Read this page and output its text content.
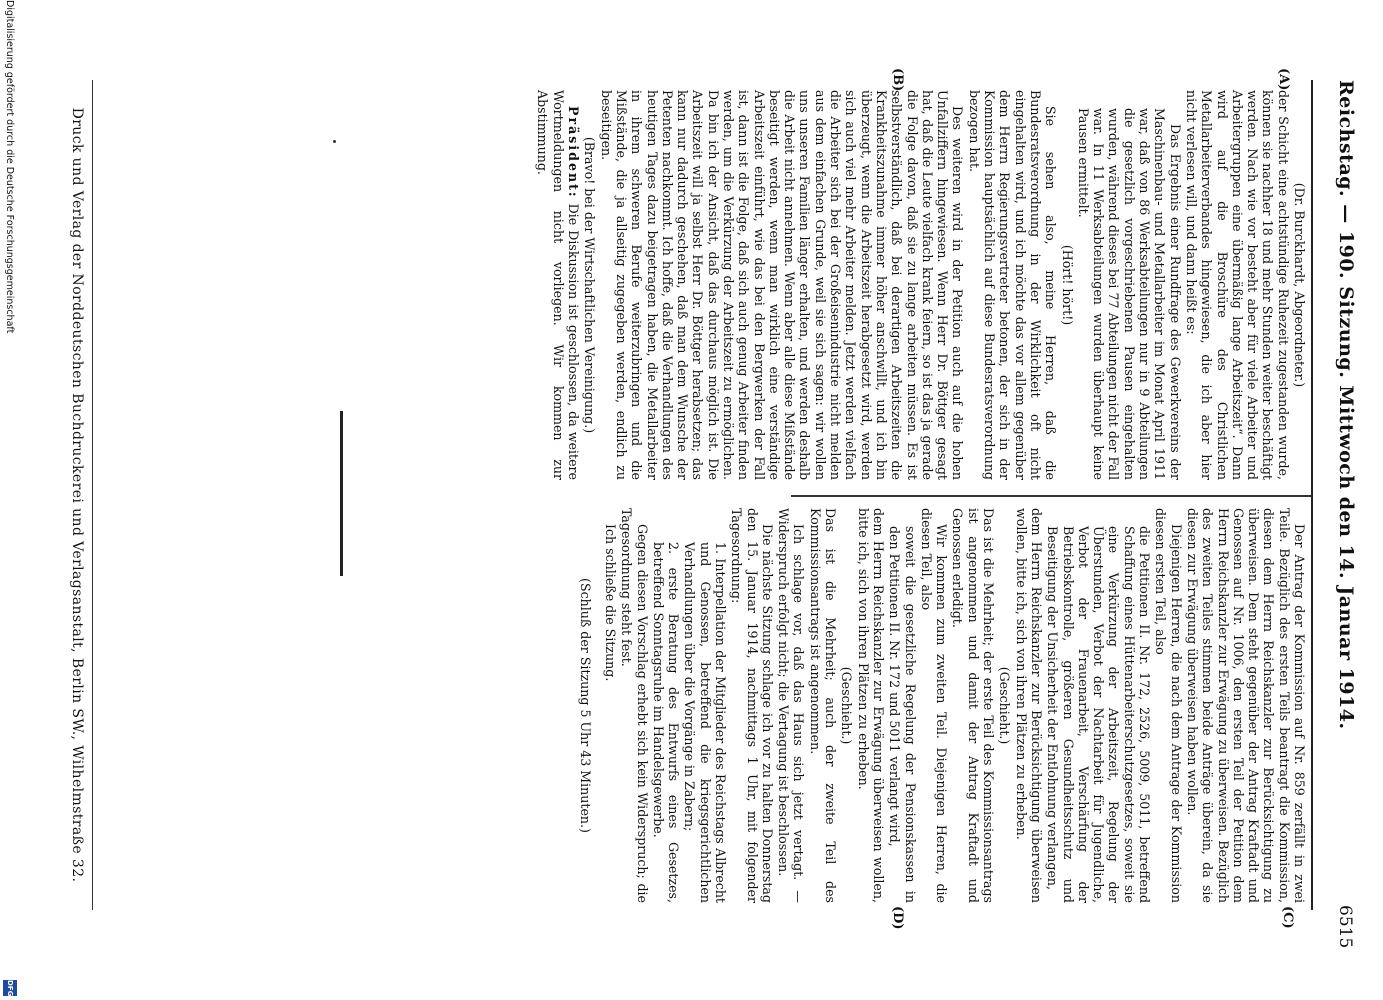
Reichstag. — 190. Sitzung. Mittwoch den 14. Januar 1914.
6515
(A)
(B)
(C)
(D)

(Dr. Burckhardt, Abgeordneter.)

der Schicht eine achtstündige Ruhezeit zugestanden wurde, können sie nachher 18 und mehr Stunden weiter beschäftigt werden. Nach wie vor besteht aber für viele Arbeiter und Arbeitergruppen eine übermäßig lange Arbeitszeit“. Dann wird auf die Broschüre des Christlichen Metallarbeiterverbandes hingewiesen, die ich aber hier nicht verlesen will, und dann heißt es:

Das Ergebnis einer Rundfrage des Gewerkvereins der Maschinenbau- und Metallarbeiter im Monat April 1911 war, daß von 86 Werksabteilungen nur in 9 Abteilungen die gesetzlich vorgeschriebenen Pausen eingehalten wurden, während dieses bei 77 Abteilungen nicht der Fall war. In 11 Werksabteilungen wurden überhaupt keine Pausen ermittelt.

(Hört! hört!)

Sie sehen also, meine Herren, daß die Bundesratsverordnung in der Wirklichkeit oft nicht eingehalten wird, und ich möchte das vor allem gegenüber dem Herrn Regierungsvertreter betonen, der sich in der Kommission hauptsächlich auf diese Bundesratsverordnung bezogen hat.

Des weiteren wird in der Petition auch auf die hohen Unfallziffern hingewiesen. Wenn Herr Dr. Böttger gesagt hat, daß die Leute vielfach krank feiern, so ist das ja gerade die Folge davon, daß sie zu lange arbeiten müssen. Es ist selbstverständlich, daß bei derartigen Arbeitszeiten die Krankheitszunahme immer höher anschwillt, und ich bin überzeugt, wenn die Arbeitszeit herabgesetzt wird, werden sich auch viel mehr Arbeiter melden. Jetzt werden vielfach die Arbeiter sich bei der Großeisenindustrie nicht melden aus dem einfachen Grunde, weil sie sich sagen: wir wollen uns unseren Familien länger erhalten, und werden deshalb die Arbeit nicht annehmen. Wenn aber alle diese Mißstände beseitigt werden, wenn man wirklich eine verständige Arbeitszeit einführt, wie das bei den Bergwerken der Fall ist, dann ist die Folge, daß sich auch genug Arbeiter finden werden, um die Verkürzung der Arbeitszeit zu ermöglichen. Da bin ich der Ansicht, daß das durchaus möglich ist. Die Arbeitszeit will ja selbst Herr Dr. Böttger herabsetzen; das kann nur dadurch geschehen, daß man dem Wunsche der Petenten nachkommt. Ich hoffe, daß die Verhandlungen des heutigen Tages dazu beigetragen haben, die Metallarbeiter in ihrem schweren Berufe weiterzubringen und die Mißstände, die ja allseitig zugegeben werden, endlich zu beseitigen.

(Bravo! bei der Wirtschaftlichen Vereinigung.)

Präsident: Die Diskussion ist geschlossen, da weitere Wortmeldungen nicht vorliegen. Wir kommen zur Abstimmung.

Der Antrag der Kommission auf Nr. 859 zerfällt in zwei Teile. Bezüglich des ersten Teils beantragt die Kommission, diesen dem Herrn Reichskanzler zur Berücksichtigung zu überweisen. Dem steht gegenüber der Antrag Kraftadt und Genossen auf Nr. 1006, den ersten Teil der Petition dem Herrn Reichskanzler zur Erwägung zu überweisen. Bezüglich des zweiten Teiles stimmen beide Anträge überein, da sie diesen zur Erwägung überweisen haben wollen.

Diejenigen Herren, die nach dem Antrage der Kommission diesen ersten Teil, also

die Petitionen II. Nr. 172, 2526, 5009, 5011, betreffend Schaffung eines Hüttenarbeiterschutzgesetzes, soweit sie eine Verkürzung der Arbeitszeit, Regelung der Überstunden, Verbot der Nachtarbeit für Jugendliche, Verbot der Frauenarbeit, Verschärfung der Betriebskontrolle, größeren Gesundheitsschutz und Beseitigung der Unsicherheit der Entlohnung verlangen,

dem Herrn Reichskanzler zur Berücksichtigung überweisen wollen, bitte ich, sich von ihren Plätzen zu erheben.

(Geschieht.)

Das ist die Mehrheit; der erste Teil des Kommissionsantrags ist angenommen und damit der Antrag Kraftadt und Genossen erledigt.

Wir kommen zum zweiten Teil. Diejenigen Herren, die diesen Teil, also

soweit die gesetzliche Regelung der Pensionskassen in den Petitionen II. Nr. 172 und 5011 verlangt wird,

dem Herrn Reichskanzler zur Erwägung überweisen wollen, bitte ich, sich von ihren Plätzen zu erheben.

(Geschieht.)

Das ist die Mehrheit; auch der zweite Teil des Kommissionsantrags ist angenommen.

Ich schlage vor, daß das Haus sich jetzt vertagt. — Widerspruch erfolgt nicht; die Vertagung ist beschlossen.

Die nächste Sitzung schlage ich vor zu halten Donnerstag den 15. Januar 1914, nachmittags 1 Uhr, mit folgender Tagesordnung:

1. Interpellation der Mitglieder des Reichstags Albrecht und Genossen, betreffend die kriegsgerichtlichen Verhandlungen über die Vorgänge in Zabern;

2. erste Beratung des Entwurfs eines Gesetzes, betreffend Sonntagsruhe im Handelsgewerbe.

Gegen diesen Vorschlag erhebt sich kein Widerspruch; die Tagesordnung steht fest.

Ich schließe die Sitzung.

(Schluß der Sitzung 5 Uhr 43 Minuten.)

Druck und Verlag der Norddeutschen Buchdruckerei und Verlagsanstalt, Berlin SW., Wilhelmstraße 32.
Digitalisierung gefördert durch die Deutsche Forschungsgemeinschaft
DFG
